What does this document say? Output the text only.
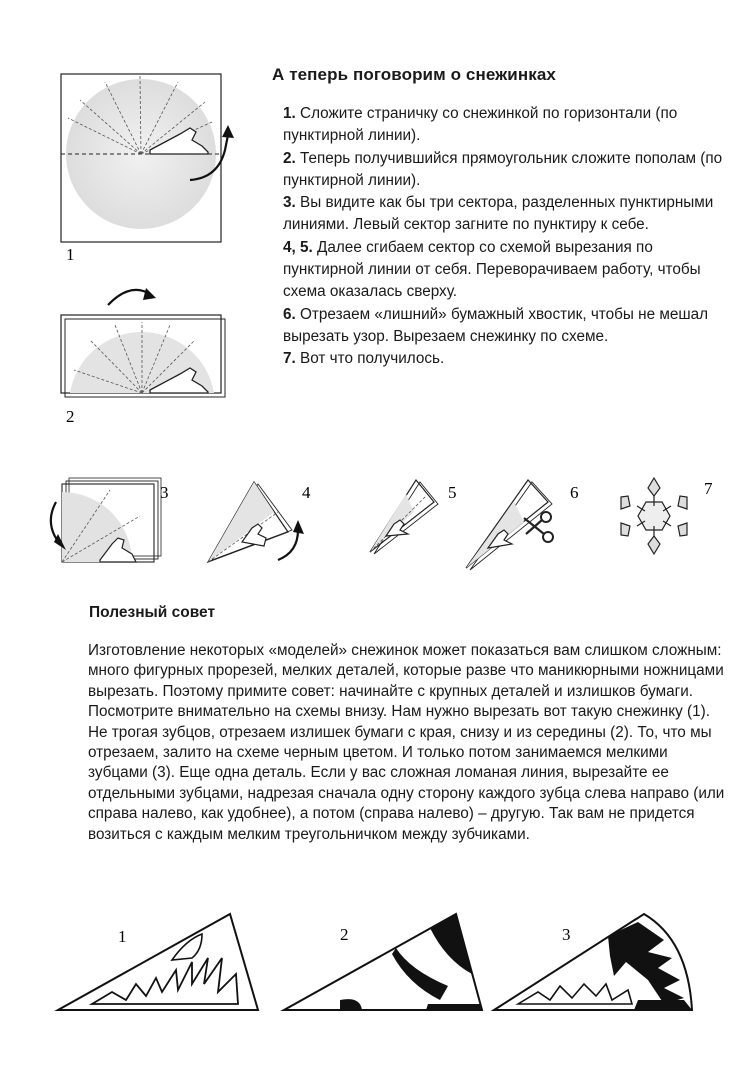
1
2
А теперь поговорим о снежинках

1. Сложите страничку со снежинкой по горизонтали (по пунктирной линии).

2. Теперь получившийся прямоугольник сложите пополам (по пунктирной линии).

3. Вы видите как бы три сектора, разделенных пунктирными линиями. Левый сектор загните по пунктиру к себе.

4, 5. Далее сгибаем сектор со схемой вырезания по пунктирной линии от себя. Переворачиваем работу, чтобы схема оказалась сверху.

6. Отрезаем «лишний» бумажный хвостик, чтобы не мешал вырезать узор. Вырезаем снежинку по схеме.

7. Вот что получилось.

3	4	5	6	7
Полезный совет

Изготовление некоторых «моделей» снежинок может показаться вам слишком сложным: много фигурных прорезей, мелких деталей, которые разве что маникюрными ножницами вырезать. Поэтому примите совет: начинайте с крупных деталей и излишков бумаги. Посмотрите внимательно на схемы внизу. Нам нужно вырезать вот такую снежинку (1). Не трогая зубцов, отрезаем излишек бумаги с края, снизу и из середины (2). То, что мы отрезаем, залито на схеме черным цветом. И только потом занимаемся мелкими зубцами (3). Еще одна деталь. Если у вас сложная ломаная линия, вырезайте ее отдельными зубцами, надрезая сначала одну сторону каждого зубца слева направо (или справа налево, как удобнее), а потом (справа налево) – другую. Так вам не придется возиться с каждым мелким треугольничком между зубчиками.

1	2	3
